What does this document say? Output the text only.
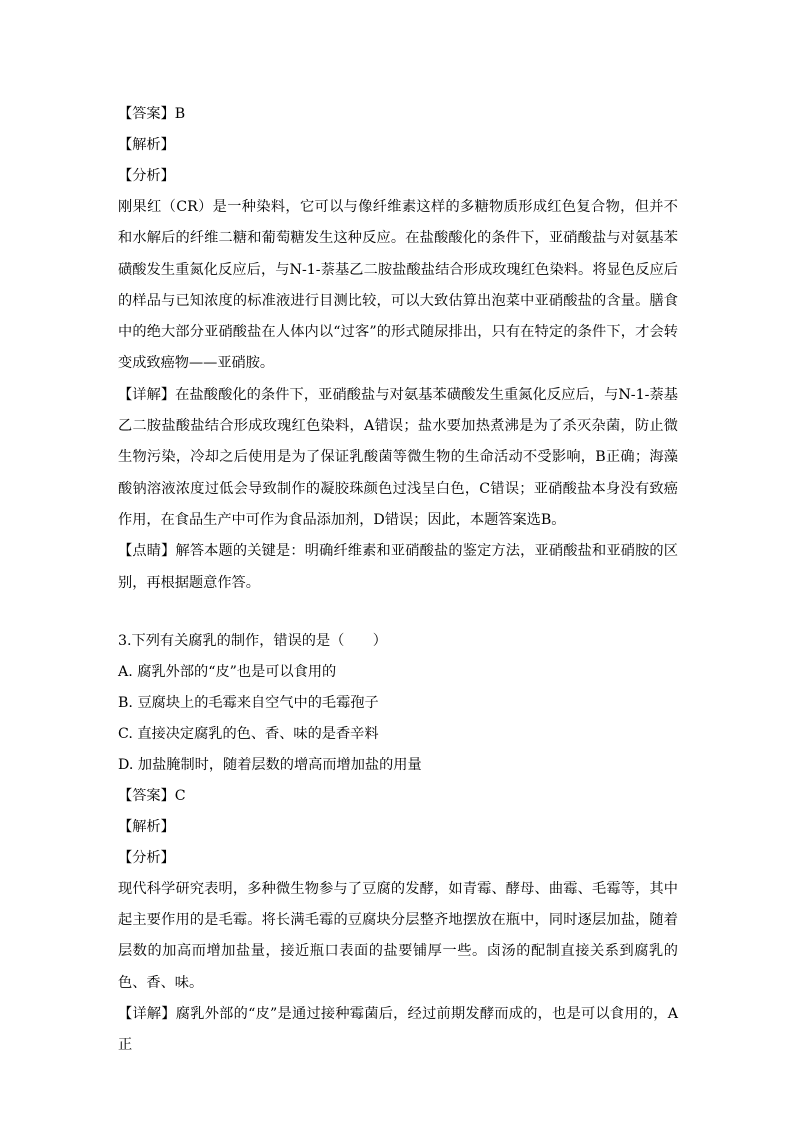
【答案】B
【解析】
【分析】

刚果红（CR）是一种染料，它可以与像纤维素这样的多糖物质形成红色复合物，但并不和水解后的纤维二糖和葡萄糖发生这种反应。在盐酸酸化的条件下，亚硝酸盐与对氨基苯磺酸发生重氮化反应后，与N-1-萘基乙二胺盐酸盐结合形成玫瑰红色染料。将显色反应后的样品与已知浓度的标准液进行目测比较，可以大致估算出泡菜中亚硝酸盐的含量。膳食中的绝大部分亚硝酸盐在人体内以“过客”的形式随尿排出，只有在特定的条件下，才会转变成致癌物——亚硝胺。

【详解】在盐酸酸化的条件下，亚硝酸盐与对氨基苯磺酸发生重氮化反应后，与N-1-萘基乙二胺盐酸盐结合形成玫瑰红色染料，A错误；盐水要加热煮沸是为了杀灭杂菌，防止微生物污染，冷却之后使用是为了保证乳酸菌等微生物的生命活动不受影响，B正确；海藻酸钠溶液浓度过低会导致制作的凝胶珠颜色过浅呈白色，C错误；亚硝酸盐本身没有致癌作用，在食品生产中可作为食品添加剂，D错误；因此，本题答案选B。

【点睛】解答本题的关键是：明确纤维素和亚硝酸盐的鉴定方法，亚硝酸盐和亚硝胺的区别，再根据题意作答。

3.下列有关腐乳的制作，错误的是（　　）
A. 腐乳外部的“皮”也是可以食用的
B. 豆腐块上的毛霉来自空气中的毛霉孢子
C. 直接决定腐乳的色、香、味的是香辛料
D. 加盐腌制时，随着层数的增高而增加盐的用量
【答案】C
【解析】
【分析】

现代科学研究表明，多种微生物参与了豆腐的发酵，如青霉、酵母、曲霉、毛霉等，其中起主要作用的是毛霉。将长满毛霉的豆腐块分层整齐地摆放在瓶中，同时逐层加盐，随着层数的加高而增加盐量，接近瓶口表面的盐要铺厚一些。卤汤的配制直接关系到腐乳的色、香、味。

【详解】腐乳外部的“皮”是通过接种霉菌后，经过前期发酵而成的，也是可以食用的，A正
